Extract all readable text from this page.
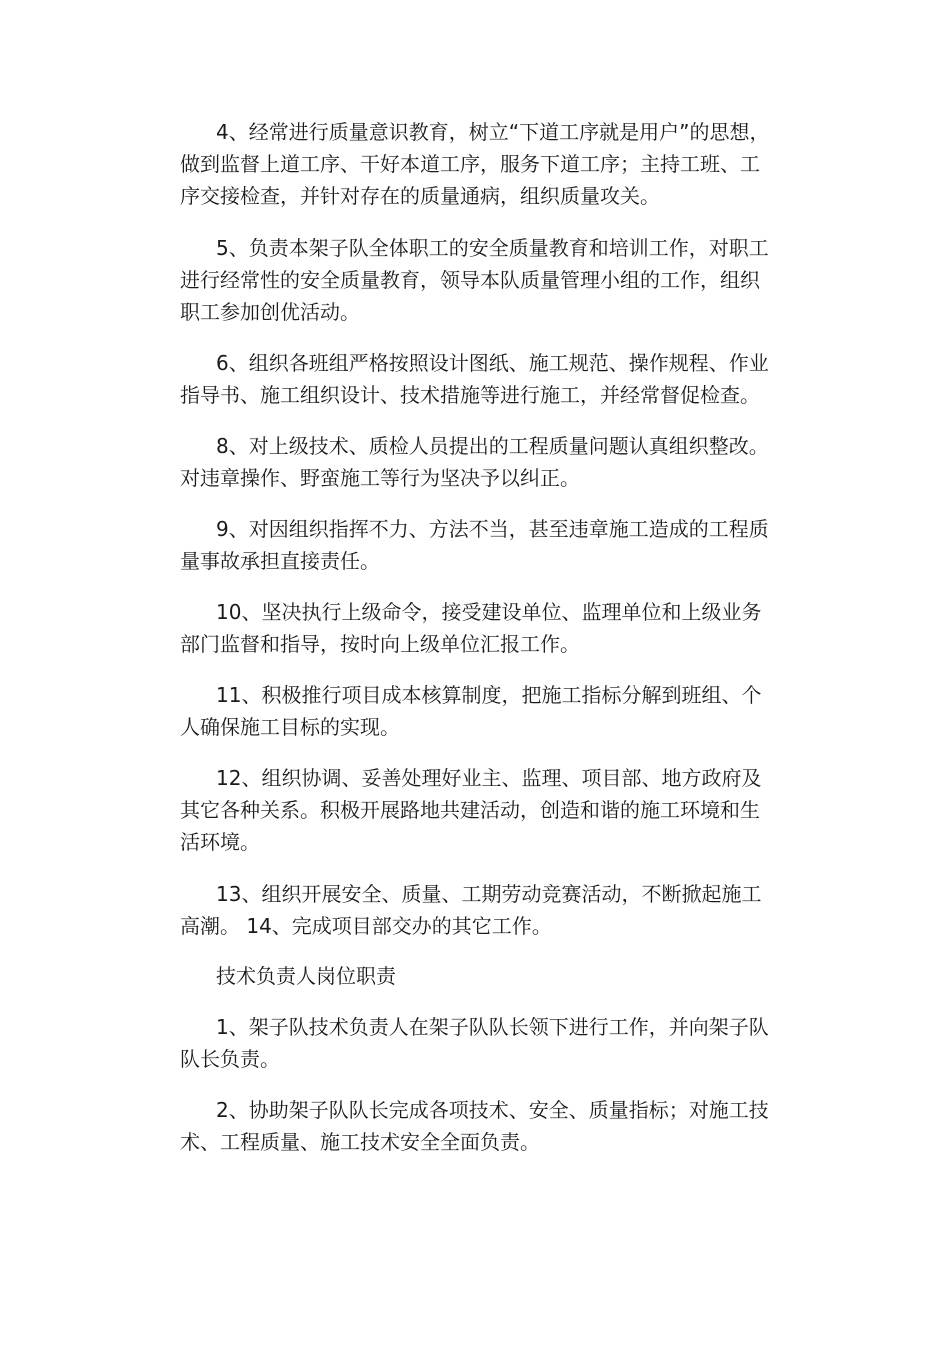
4、经常进行质量意识教育，树立“下道工序就是用户”的思想，
做到监督上道工序、干好本道工序，服务下道工序；主持工班、工
序交接检查，并针对存在的质量通病，组织质量攻关。
5、负责本架子队全体职工的安全质量教育和培训工作，对职工
进行经常性的安全质量教育，领导本队质量管理小组的工作，组织
职工参加创优活动。
6、组织各班组严格按照设计图纸、施工规范、操作规程、作业
指导书、施工组织设计、技术措施等进行施工，并经常督促检查。
8、对上级技术、质检人员提出的工程质量问题认真组织整改。
对违章操作、野蛮施工等行为坚决予以纠正。
9、对因组织指挥不力、方法不当，甚至违章施工造成的工程质
量事故承担直接责任。
10、坚决执行上级命令，接受建设单位、监理单位和上级业务
部门监督和指导，按时向上级单位汇报工作。
11、积极推行项目成本核算制度，把施工指标分解到班组、个
人确保施工目标的实现。
12、组织协调、妥善处理好业主、监理、项目部、地方政府及
其它各种关系。积极开展路地共建活动，创造和谐的施工环境和生
活环境。
13、组织开展安全、质量、工期劳动竞赛活动，不断掀起施工
高潮。 14、完成项目部交办的其它工作。
技术负责人岗位职责
1、架子队技术负责人在架子队队长领下进行工作，并向架子队
队长负责。
2、协助架子队队长完成各项技术、安全、质量指标；对施工技
术、工程质量、施工技术安全全面负责。
